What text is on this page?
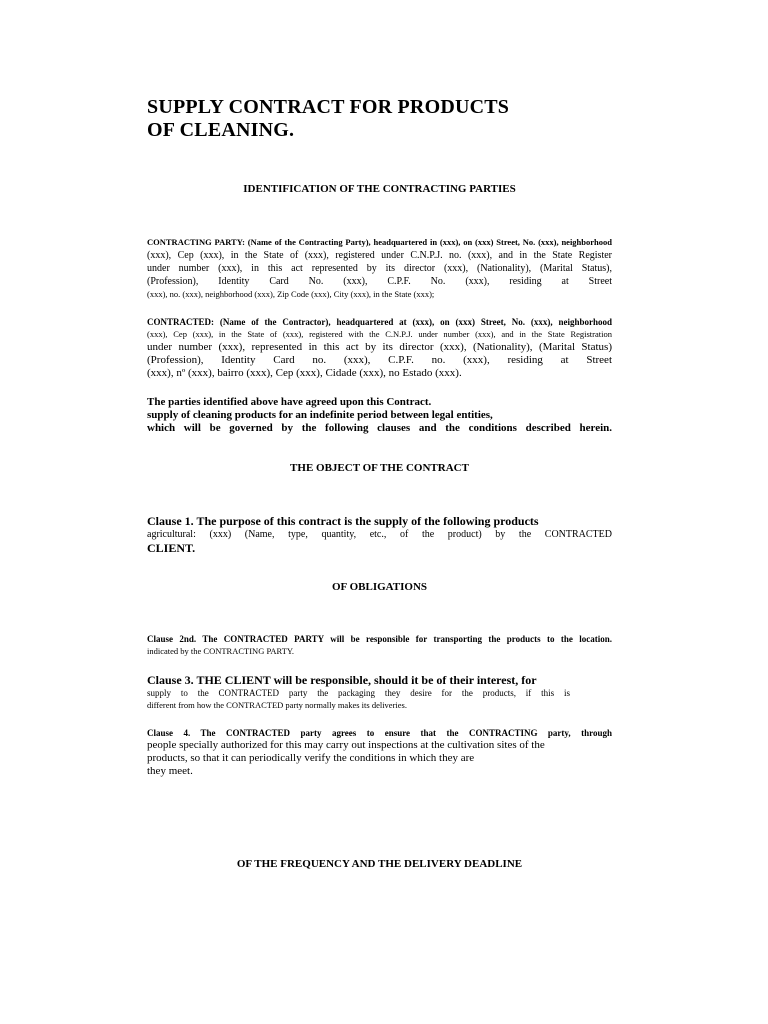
SUPPLY CONTRACT FOR PRODUCTS
OF CLEANING.
IDENTIFICATION OF THE CONTRACTING PARTIES
CONTRACTING PARTY: (Name of the Contracting Party), headquartered in (xxx), on (xxx) Street, No. (xxx), neighborhood
(xxx), Cep (xxx), in the State of (xxx), registered under C.N.P.J. no. (xxx), and in the State Register
under number (xxx), in this act represented by its director (xxx), (Nationality), (Marital Status),
(Profession), Identity Card No. (xxx), C.P.F. No. (xxx), residing at Street
(xxx), no. (xxx), neighborhood (xxx), Zip Code (xxx), City (xxx), in the State (xxx);
CONTRACTED: (Name of the Contractor), headquartered at (xxx), on (xxx) Street, No. (xxx), neighborhood
(xxx), Cep (xxx), in the State of (xxx), registered with the C.N.P.J. under number (xxx), and in the State Registration
under number (xxx), represented in this act by its director (xxx), (Nationality), (Marital Status)
(Profession), Identity Card no. (xxx), C.P.F. no. (xxx), residing at Street
(xxx), nº (xxx), bairro (xxx), Cep (xxx), Cidade (xxx), no Estado (xxx).
The parties identified above have agreed upon this Contract.
supply of cleaning products for an indefinite period between legal entities,
which will be governed by the following clauses and the conditions described herein.
THE OBJECT OF THE CONTRACT
Clause 1. The purpose of this contract is the supply of the following products
agricultural: (xxx) (Name, type, quantity, etc., of the product) by the CONTRACTED
CLIENT.
OF OBLIGATIONS
Clause 2nd. The CONTRACTED PARTY will be responsible for transporting the products to the location.
indicated by the CONTRACTING PARTY.
Clause 3. THE CLIENT will be responsible, should it be of their interest, for
supply to the CONTRACTED party the packaging they desire for the products, if this is
different from how the CONTRACTED party normally makes its deliveries.
Clause 4. The CONTRACTED party agrees to ensure that the CONTRACTING party, through
people specially authorized for this may carry out inspections at the cultivation sites of the
products, so that it can periodically verify the conditions in which they are
they meet.
OF THE FREQUENCY AND THE DELIVERY DEADLINE
